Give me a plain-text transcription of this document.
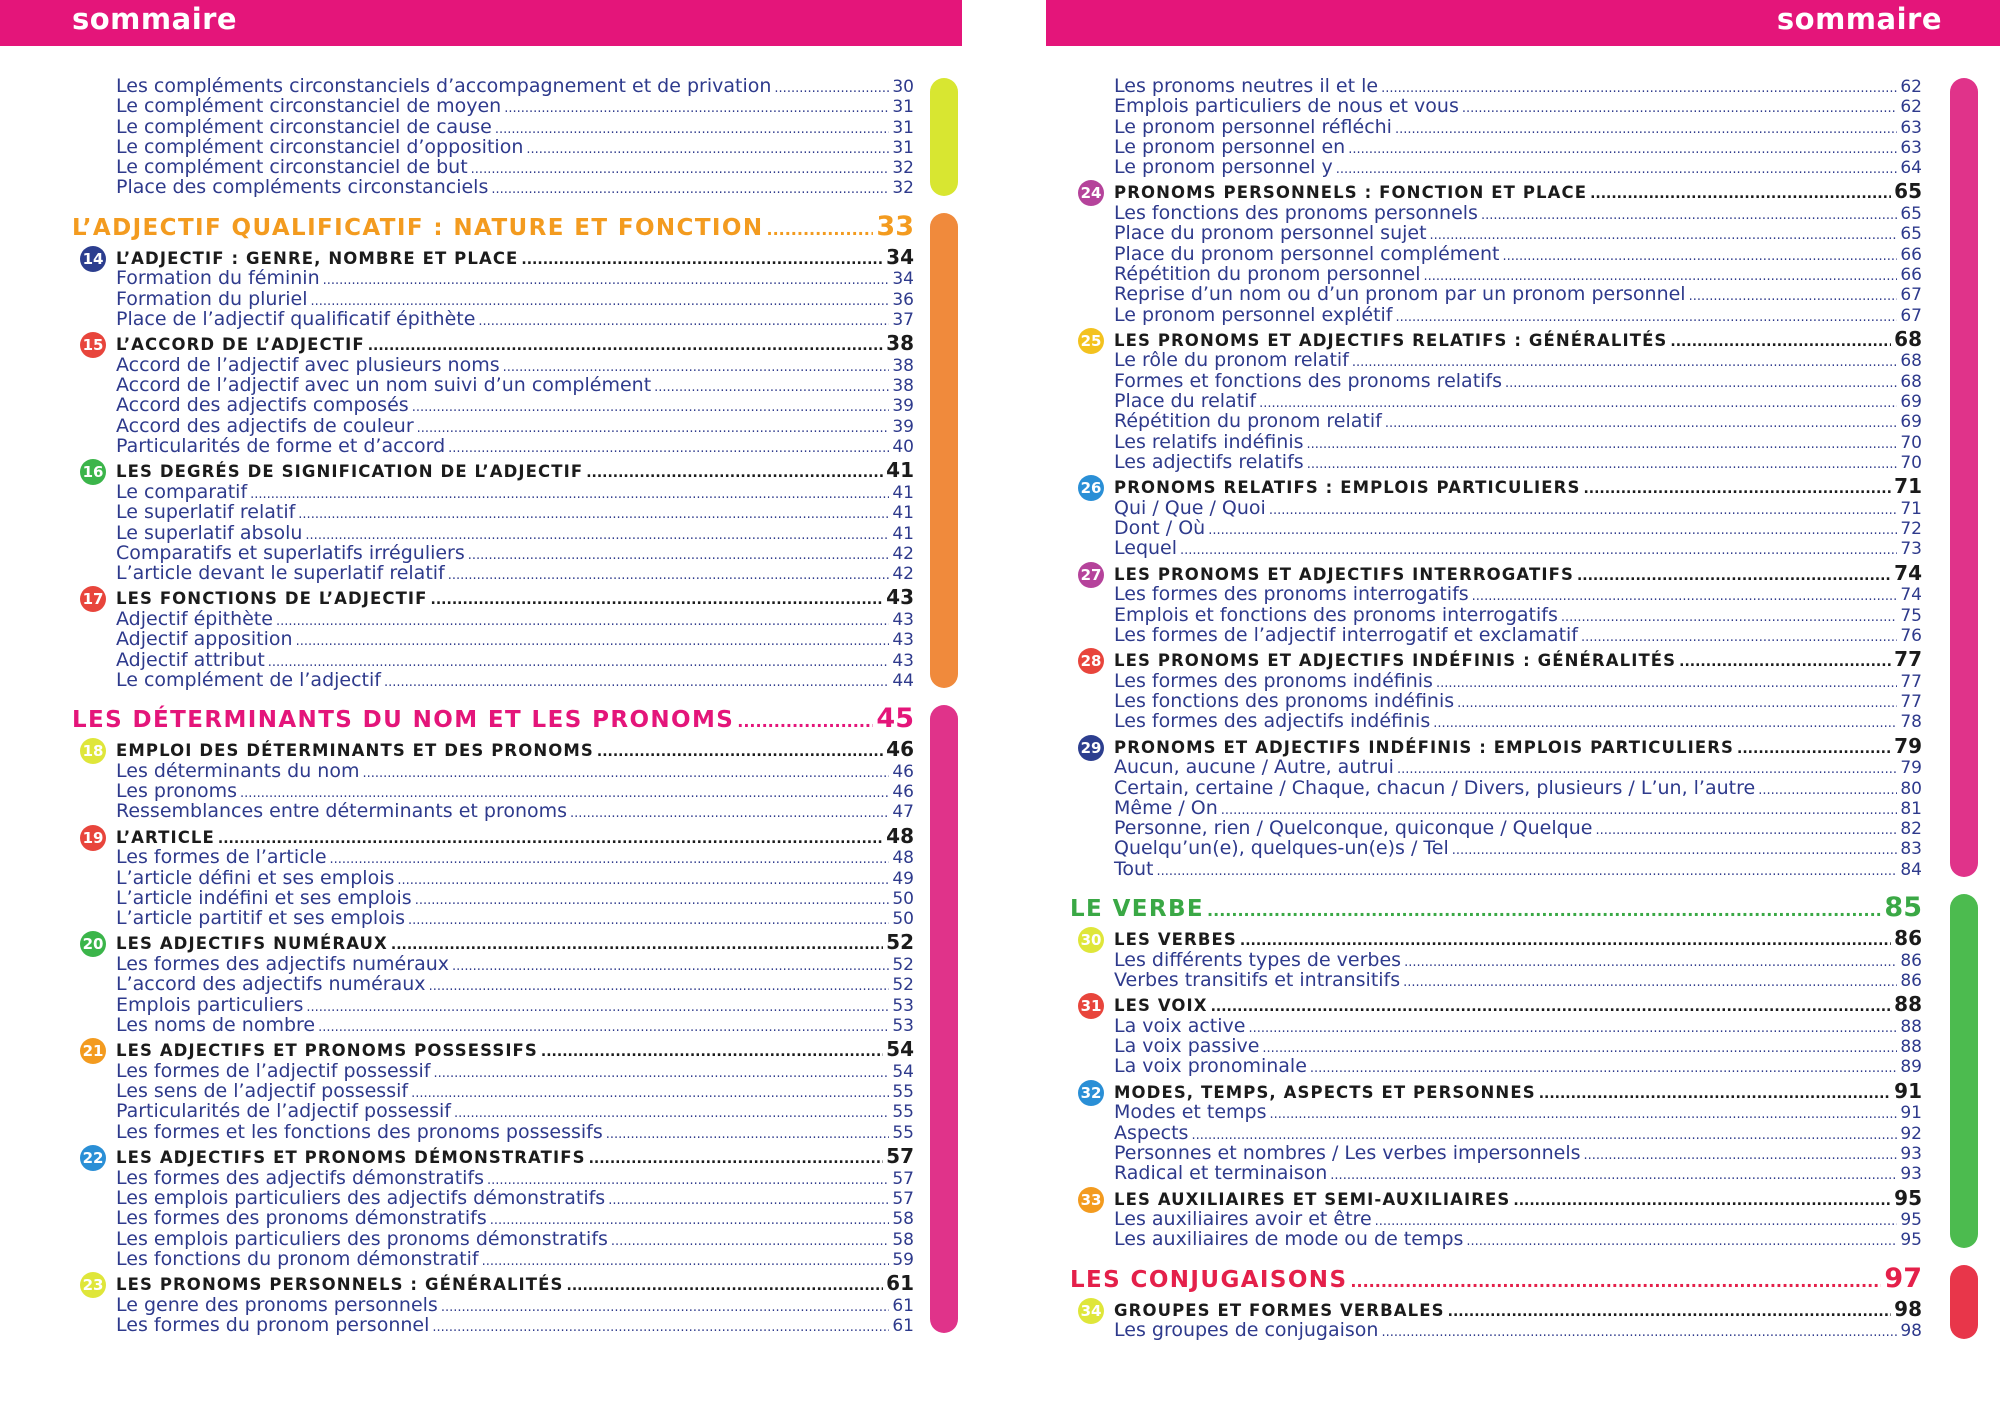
sommaire
Les compléments circonstanciels d’accompagnement et de privation .....	30
Le complément circonstanciel de moyen .....	31
Le complément circonstanciel de cause .....	31
Le complément circonstanciel d’opposition .....	31
Le complément circonstanciel de but .....	32
Place des compléments circonstanciels .....	32
L’ADJECTIF QUALIFICATIF : NATURE ET FONCTION .....	33
14 L’ADJECTIF : GENRE, NOMBRE ET PLACE .....	34
Formation du féminin .....	34
Formation du pluriel .....	36
Place de l’adjectif qualificatif épithète .....	37
15 L’ACCORD DE L’ADJECTIF .....	38
Accord de l’adjectif avec plusieurs noms .....	38
Accord de l’adjectif avec un nom suivi d’un complément .....	38
Accord des adjectifs composés .....	39
Accord des adjectifs de couleur .....	39
Particularités de forme et d’accord .....	40
16 LES DEGRÉS DE SIGNIFICATION DE L’ADJECTIF .....	41
Le comparatif .....	41
Le superlatif relatif .....	41
Le superlatif absolu .....	41
Comparatifs et superlatifs irréguliers .....	42
L’article devant le superlatif relatif .....	42
17 LES FONCTIONS DE L’ADJECTIF .....	43
Adjectif épithète .....	43
Adjectif apposition .....	43
Adjectif attribut .....	43
Le complément de l’adjectif .....	44
LES DÉTERMINANTS DU NOM ET LES PRONOMS .....	45
18 EMPLOI DES DÉTERMINANTS ET DES PRONOMS .....	46
Les déterminants du nom .....	46
Les pronoms .....	46
Ressemblances entre déterminants et pronoms .....	47
19 L’ARTICLE .....	48
Les formes de l’article .....	48
L’article défini et ses emplois .....	49
L’article indéfini et ses emplois .....	50
L’article partitif et ses emplois .....	50
20 LES ADJECTIFS NUMÉRAUX .....	52
Les formes des adjectifs numéraux .....	52
L’accord des adjectifs numéraux .....	52
Emplois particuliers .....	53
Les noms de nombre .....	53
21 LES ADJECTIFS ET PRONOMS POSSESSIFS .....	54
Les formes de l’adjectif possessif .....	54
Les sens de l’adjectif possessif .....	55
Particularités de l’adjectif possessif .....	55
Les formes et les fonctions des pronoms possessifs .....	55
22 LES ADJECTIFS ET PRONOMS DÉMONSTRATIFS .....	57
Les formes des adjectifs démonstratifs .....	57
Les emplois particuliers des adjectifs démonstratifs .....	57
Les formes des pronoms démonstratifs .....	58
Les emplois particuliers des pronoms démonstratifs .....	58
Les fonctions du pronom démonstratif .....	59
23 LES PRONOMS PERSONNELS : GÉNÉRALITÉS .....	61
Le genre des pronoms personnels .....	61
Les formes du pronom personnel .....	61
sommaire
Les pronoms neutres il et le .....	62
Emplois particuliers de nous et vous .....	62
Le pronom personnel réfléchi .....	63
Le pronom personnel en .....	63
Le pronom personnel y .....	64
24 PRONOMS PERSONNELS : FONCTION ET PLACE .....	65
Les fonctions des pronoms personnels .....	65
Place du pronom personnel sujet .....	65
Place du pronom personnel complément .....	66
Répétition du pronom personnel .....	66
Reprise d’un nom ou d’un pronom par un pronom personnel .....	67
Le pronom personnel explétif .....	67
25 LES PRONOMS ET ADJECTIFS RELATIFS : GÉNÉRALITÉS .....	68
Le rôle du pronom relatif .....	68
Formes et fonctions des pronoms relatifs .....	68
Place du relatif .....	69
Répétition du pronom relatif .....	69
Les relatifs indéfinis .....	70
Les adjectifs relatifs .....	70
26 PRONOMS RELATIFS : EMPLOIS PARTICULIERS .....	71
Qui / Que / Quoi .....	71
Dont / Où .....	72
Lequel .....	73
27 LES PRONOMS ET ADJECTIFS INTERROGATIFS .....	74
Les formes des pronoms interrogatifs .....	74
Emplois et fonctions des pronoms interrogatifs .....	75
Les formes de l’adjectif interrogatif et exclamatif .....	76
28 LES PRONOMS ET ADJECTIFS INDÉFINIS : GÉNÉRALITÉS .....	77
Les formes des pronoms indéfinis .....	77
Les fonctions des pronoms indéfinis .....	77
Les formes des adjectifs indéfinis .....	78
29 PRONOMS ET ADJECTIFS INDÉFINIS : EMPLOIS PARTICULIERS .....	79
Aucun, aucune / Autre, autrui .....	79
Certain, certaine / Chaque, chacun / Divers, plusieurs / L’un, l’autre .....	80
Même / On .....	81
Personne, rien / Quelconque, quiconque / Quelque .....	82
Quelqu’un(e), quelques-un(e)s / Tel .....	83
Tout .....	84
LE VERBE .....	85
30 LES VERBES .....	86
Les différents types de verbes .....	86
Verbes transitifs et intransitifs .....	86
31 LES VOIX .....	88
La voix active .....	88
La voix passive .....	88
La voix pronominale .....	89
32 MODES, TEMPS, ASPECTS ET PERSONNES .....	91
Modes et temps .....	91
Aspects .....	92
Personnes et nombres / Les verbes impersonnels .....	93
Radical et terminaison .....	93
33 LES AUXILIAIRES ET SEMI-AUXILIAIRES .....	95
Les auxiliaires avoir et être .....	95
Les auxiliaires de mode ou de temps .....	95
LES CONJUGAISONS .....	97
34 GROUPES ET FORMES VERBALES .....	98
Les groupes de conjugaison .....	98
